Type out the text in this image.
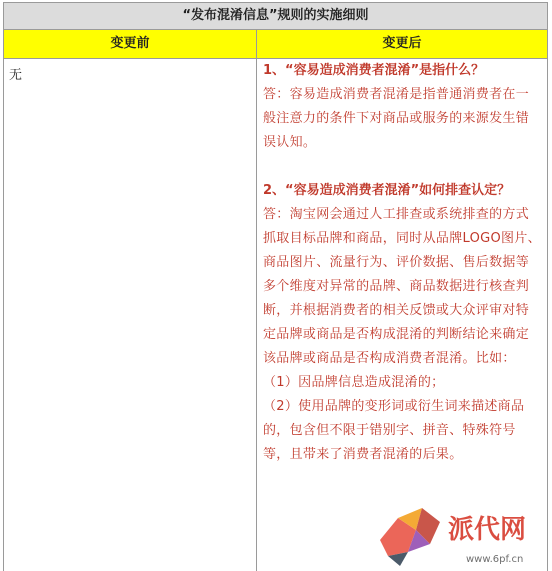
“发布混淆信息”规则的实施细则
变更前	变更后
无	1、“容易造成消费者混淆”是指什么？

答：容易造成消费者混淆是指普通消费者在一般注意力的条件下对商品或服务的来源发生错误认知。

2、“容易造成消费者混淆”如何排查认定？

答：淘宝网会通过人工排查或系统排查的方式抓取目标品牌和商品，同时从品牌LOGO图片、商品图片、流量行为、评价数据、售后数据等多个维度对异常的品牌、商品数据进行核查判断，并根据消费者的相关反馈或大众评审对特定品牌或商品是否构成混淆的判断结论来确定该品牌或商品是否构成消费者混淆。比如：

（1）因品牌信息造成混淆的；

（2）使用品牌的变形词或衍生词来描述商品的，包含但不限于错别字、拼音、特殊符号等，且带来了消费者混淆的后果。

派代网
www.6pf.cn
